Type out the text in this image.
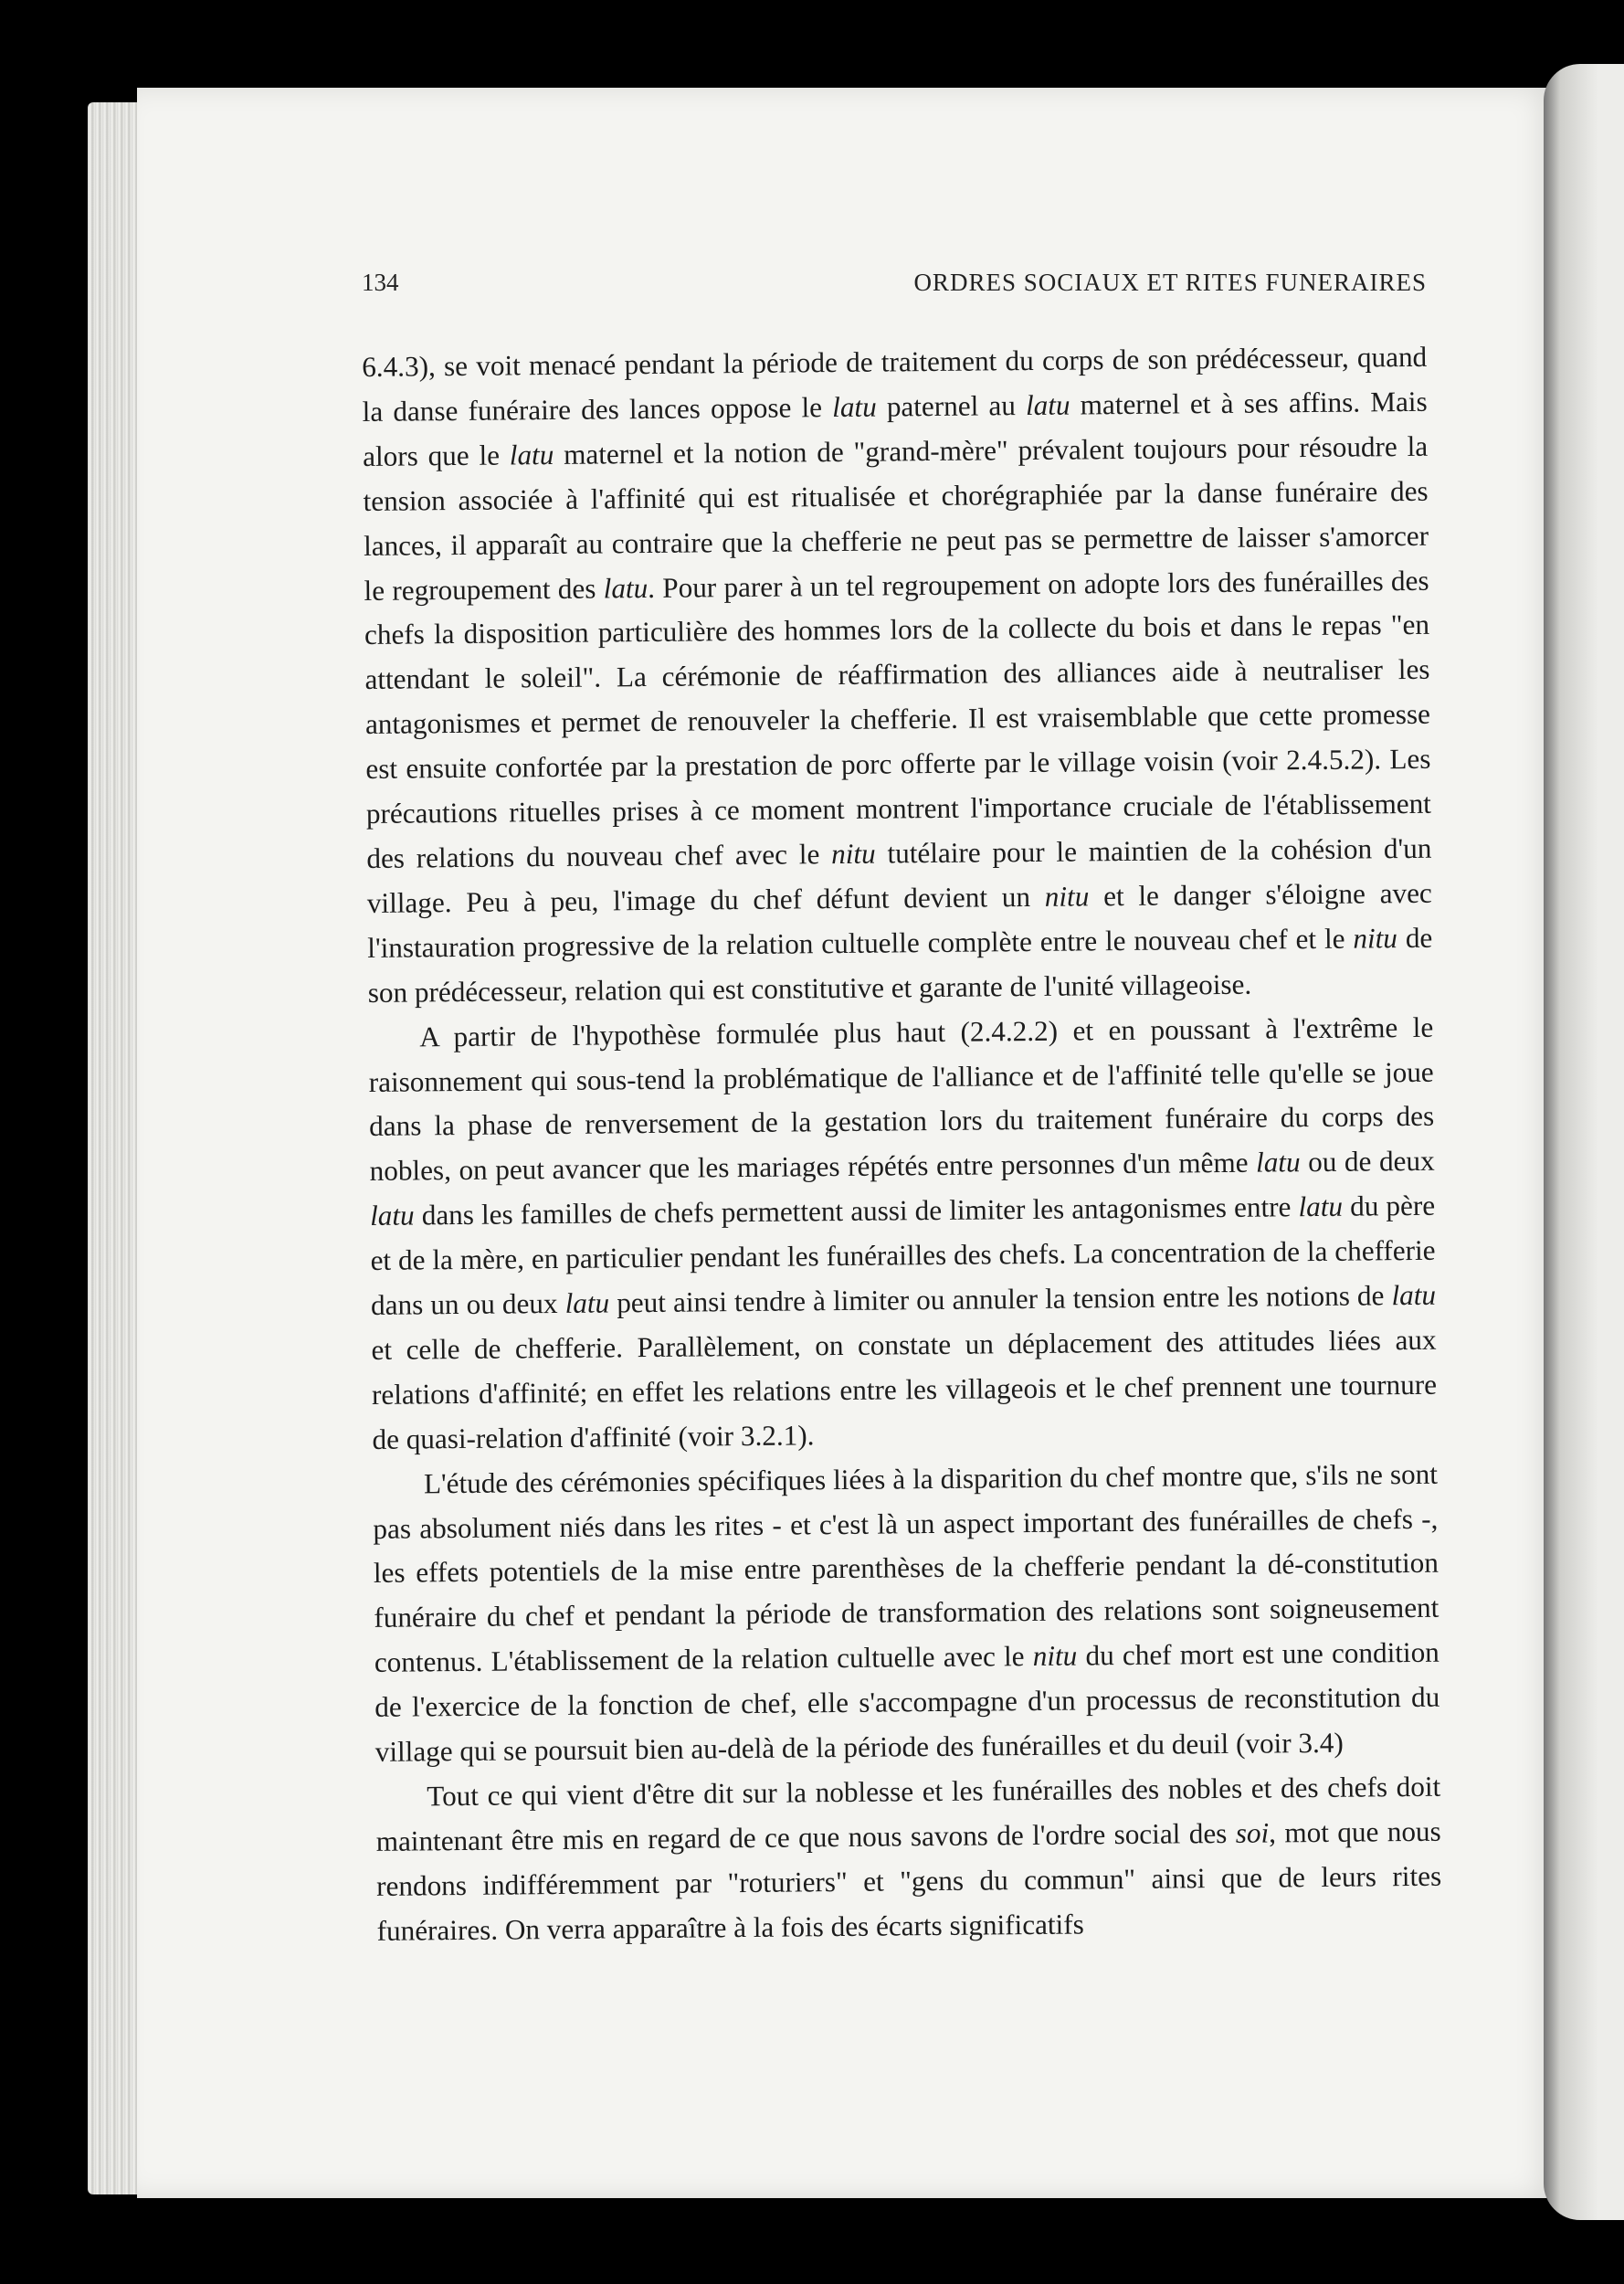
134	ORDRES SOCIAUX ET RITES FUNERAIRES

6.4.3), se voit menacé pendant la période de traitement du corps de son prédécesseur, quand la danse funéraire des lances oppose le latu paternel au latu maternel et à ses affins. Mais alors que le latu maternel et la notion de "grand-mère" prévalent toujours pour résoudre la tension associée à l'affinité qui est ritualisée et chorégraphiée par la danse funéraire des lances, il apparaît au contraire que la chefferie ne peut pas se permettre de laisser s'amorcer le regroupement des latu. Pour parer à un tel regroupement on adopte lors des funérailles des chefs la disposition particulière des hommes lors de la collecte du bois et dans le repas "en attendant le soleil". La cérémonie de réaffirmation des alliances aide à neutraliser les antagonismes et permet de renouveler la chefferie. Il est vraisemblable que cette promesse est ensuite confortée par la prestation de porc offerte par le village voisin (voir 2.4.5.2). Les précautions rituelles prises à ce moment montrent l'importance cruciale de l'établissement des relations du nouveau chef avec le nitu tutélaire pour le maintien de la cohésion d'un village. Peu à peu, l'image du chef défunt devient un nitu et le danger s'éloigne avec l'instauration progressive de la relation cultuelle complète entre le nouveau chef et le nitu de son prédécesseur, relation qui est constitutive et garante de l'unité villageoise.

A partir de l'hypothèse formulée plus haut (2.4.2.2) et en poussant à l'extrême le raisonnement qui sous-tend la problématique de l'alliance et de l'affinité telle qu'elle se joue dans la phase de renversement de la gestation lors du traitement funéraire du corps des nobles, on peut avancer que les mariages répétés entre personnes d'un même latu ou de deux latu dans les familles de chefs permettent aussi de limiter les antagonismes entre latu du père et de la mère, en particulier pendant les funérailles des chefs. La concentration de la chefferie dans un ou deux latu peut ainsi tendre à limiter ou annuler la tension entre les notions de latu et celle de chefferie. Parallèlement, on constate un déplacement des attitudes liées aux relations d'affinité; en effet les relations entre les villageois et le chef prennent une tournure de quasi-relation d'affinité (voir 3.2.1).

L'étude des cérémonies spécifiques liées à la disparition du chef montre que, s'ils ne sont pas absolument niés dans les rites - et c'est là un aspect important des funérailles de chefs -, les effets potentiels de la mise entre parenthèses de la chefferie pendant la dé-constitution funéraire du chef et pendant la période de transformation des relations sont soigneusement contenus. L'établissement de la relation cultuelle avec le nitu du chef mort est une condition de l'exercice de la fonction de chef, elle s'accompagne d'un processus de reconstitution du village qui se poursuit bien au-delà de la période des funérailles et du deuil (voir 3.4)

Tout ce qui vient d'être dit sur la noblesse et les funérailles des nobles et des chefs doit maintenant être mis en regard de ce que nous savons de l'ordre social des soi, mot que nous rendons indifféremment par "roturiers" et "gens du commun" ainsi que de leurs rites funéraires. On verra apparaître à la fois des écarts significatifs
